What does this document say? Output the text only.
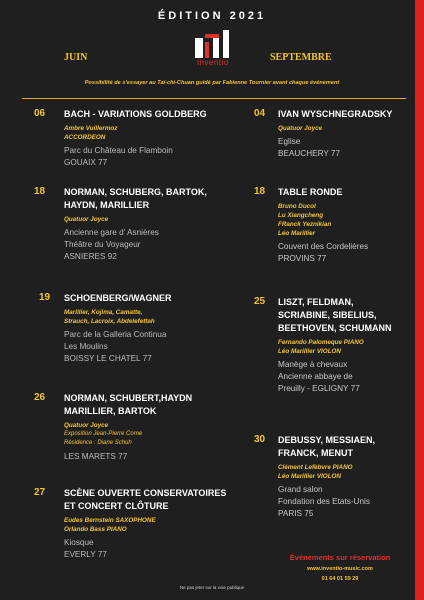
ÉDITION 2021
JUIN	SEPTEMBRE
inventio
Possibilité de s'essayer au Taï-chi-Chuan guidé par Fabienne Tournier avant chaque événement
06 BACH - VARIATIONS GOLDBERG
Ambre Vuillermoz
ACCORDEON
Parc du Château de Flamboin
GOUAIX 77
18 NORMAN, SCHUBERG, BARTOK,
HAYDN, MARILLIER
Quatuor Joyce
Ancienne gare d' Asnières
Théâtre du Voyageur
ASNIERES 92
19 SCHOENBERG/WAGNER
Marillier, Kojima, Camatte,
Strauch, Lacroix, Abdelefettah
Parc de la Galleria Continua
Les Moulins
BOISSY LE CHATEL 77
26 NORMAN, SCHUBERT,HAYDN
MARILLIER, BARTOK
Quatuor Joyce
Exposition Jean-Pierre Corne
Résidence : Diane Schuh
LES MARETS 77
27 SCÈNE OUVERTE CONSERVATOIRES
ET CONCERT CLÔTURE
Eudes Bernstein SAXOPHONE
Orlando Bass PIANO
Kiosque
EVERLY 77
04 IVAN WYSCHNEGRADSKY
Quatuor Joyce
Eglise
BEAUCHERY 77
18 TABLE RONDE
Bruno Ducol
Lu Xiangcheng
FRanck Yeznikian
Léo Marillier
Couvent des Cordelières
PROVINS 77
25 LISZT, FELDMAN,
SCRIABINE, SIBELIUS,
BEETHOVEN, SCHUMANN
Fernando Palomeque PIANO
Léo Marillier VIOLON
Manège à chevaux
Ancienne abbaye de
Preuilly - EGLIGNY 77
30 DEBUSSY, MESSIAEN,
FRANCK, MENUT
Clément Lefèbvre PIANO
Léo Marillier VIOLON
Grand salon
Fondation des Etats-Unis
PARIS 75
Événements sur réservation
www.inventio-music.com
01 64 01 59 29
Ne pas jeter sur la voie publique
